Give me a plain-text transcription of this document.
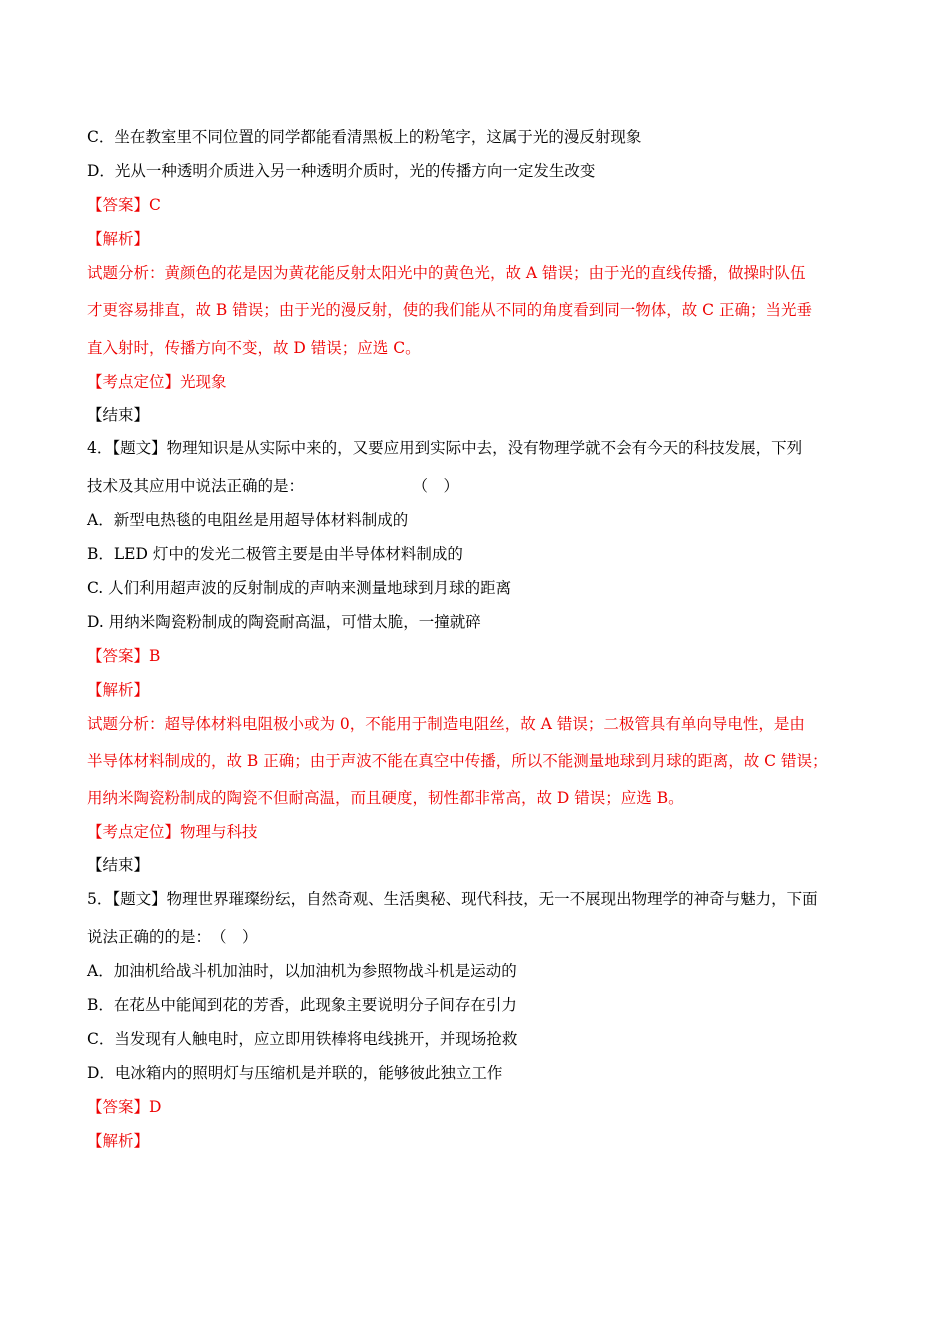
C．坐在教室里不同位置的同学都能看清黑板上的粉笔字，这属于光的漫反射现象
D．光从一种透明介质进入另一种透明介质时，光的传播方向一定发生改变
【答案】C
【解析】
试题分析：黄颜色的花是因为黄花能反射太阳光中的黄色光，故 A 错误；由于光的直线传播，做操时队伍
才更容易排直，故 B 错误；由于光的漫反射，使的我们能从不同的角度看到同一物体，故 C 正确；当光垂
直入射时，传播方向不变，故 D 错误；应选 C。
【考点定位】光现象
【结束】
4．【题文】物理知识是从实际中来的，又要应用到实际中去，没有物理学就不会有今天的科技发展，下列
技术及其应用中说法正确的是：　　　　　　　　（　）
A．新型电热毯的电阻丝是用超导体材料制成的
B．LED 灯中的发光二极管主要是由半导体材料制成的
C. 人们利用超声波的反射制成的声呐来测量地球到月球的距离
D. 用纳米陶瓷粉制成的陶瓷耐高温，可惜太脆，一撞就碎
【答案】B
【解析】
试题分析：超导体材料电阻极小或为 0，不能用于制造电阻丝，故 A 错误；二极管具有单向导电性，是由
半导体材料制成的，故 B 正确；由于声波不能在真空中传播，所以不能测量地球到月球的距离，故 C 错误；
用纳米陶瓷粉制成的陶瓷不但耐高温，而且硬度，韧性都非常高，故 D 错误；应选 B。
【考点定位】物理与科技
【结束】
5．【题文】物理世界璀璨纷纭，自然奇观、生活奥秘、现代科技，无一不展现出物理学的神奇与魅力，下面
说法正确的的是：　（　）
A．加油机给战斗机加油时，以加油机为参照物战斗机是运动的
B．在花丛中能闻到花的芳香，此现象主要说明分子间存在引力
C．当发现有人触电时，应立即用铁棒将电线挑开，并现场抢救
D．电冰箱内的照明灯与压缩机是并联的，能够彼此独立工作
【答案】D
【解析】
